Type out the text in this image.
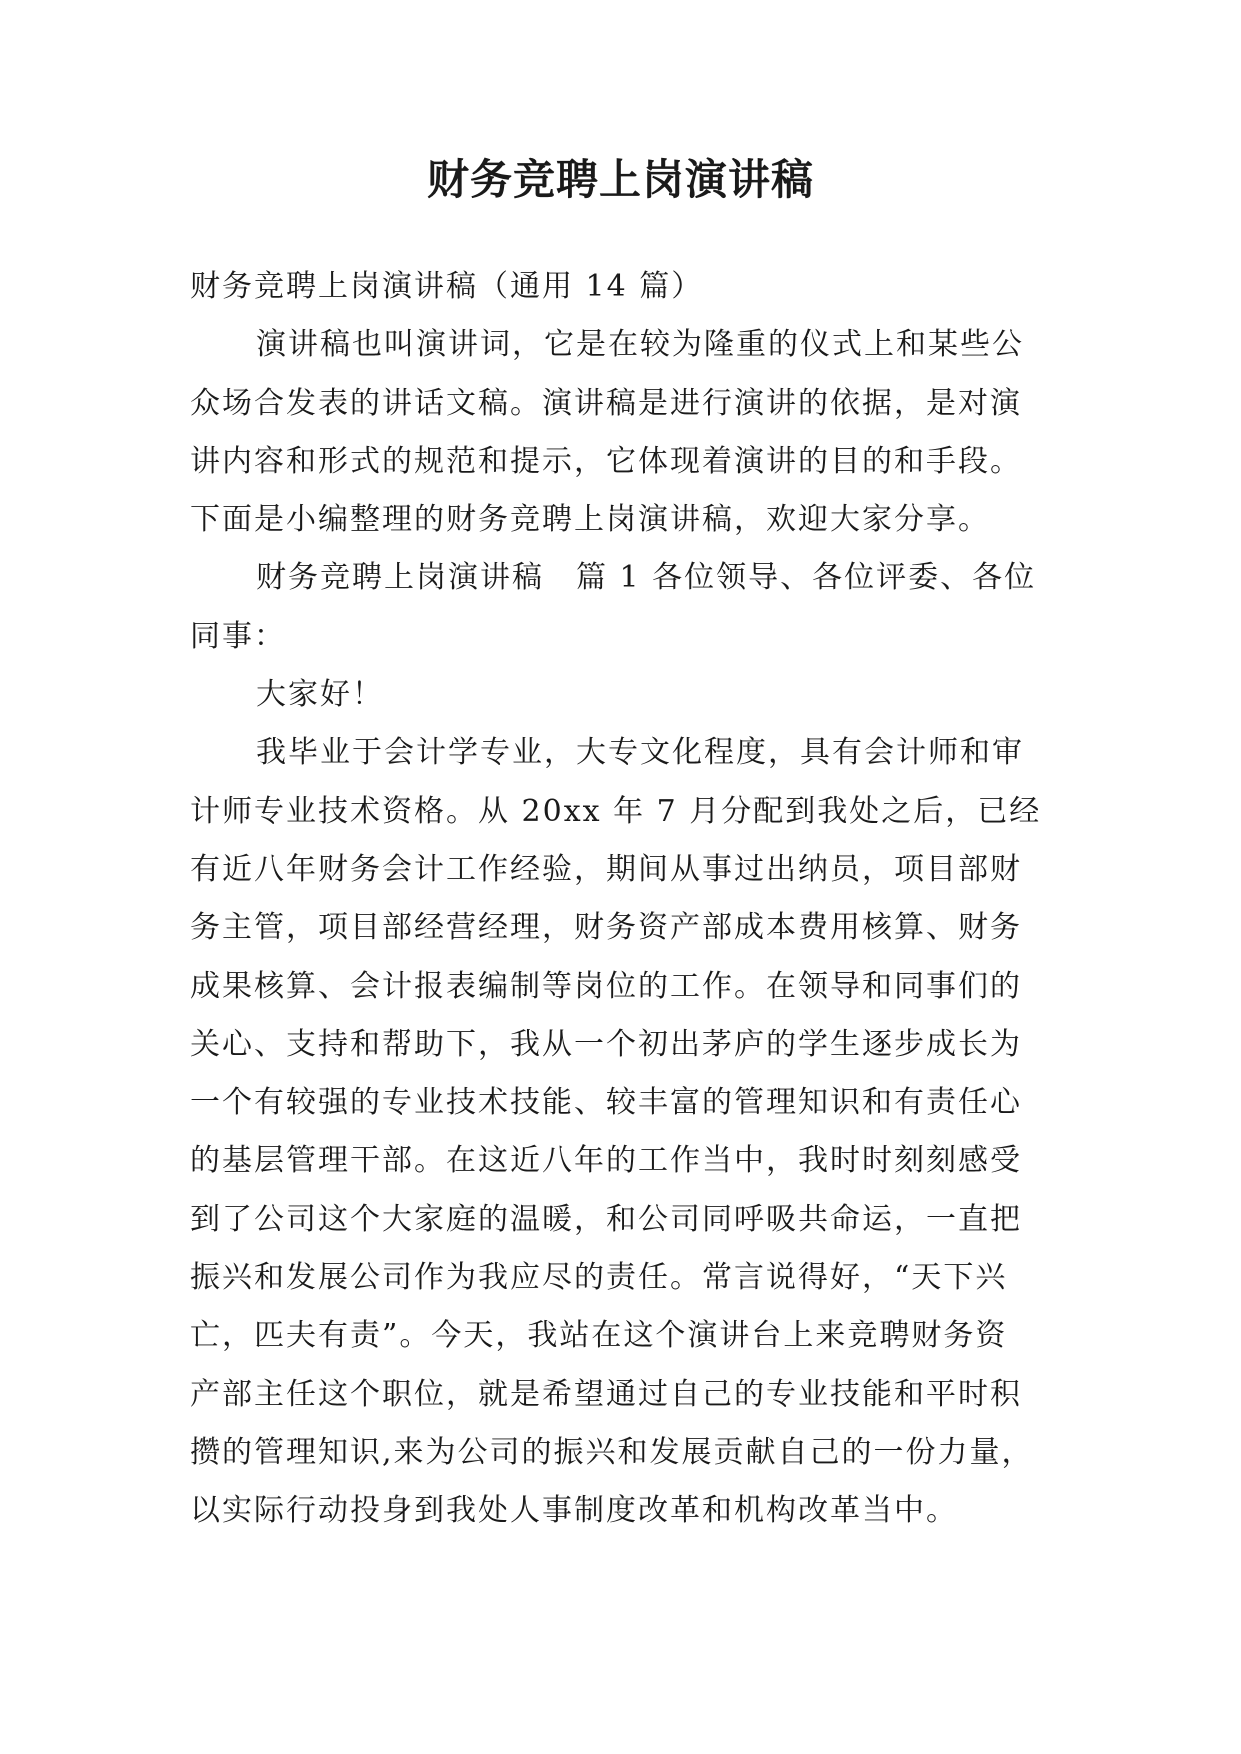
财务竞聘上岗演讲稿

财务竞聘上岗演讲稿（通用 14 篇）

演讲稿也叫演讲词，它是在较为隆重的仪式上和某些公

众场合发表的讲话文稿。演讲稿是进行演讲的依据，是对演

讲内容和形式的规范和提示，它体现着演讲的目的和手段。

下面是小编整理的财务竞聘上岗演讲稿，欢迎大家分享。

财务竞聘上岗演讲稿　篇 1 各位领导、各位评委、各位

同事：

大家好！

我毕业于会计学专业，大专文化程度，具有会计师和审

计师专业技术资格。从 20xx 年 7 月分配到我处之后，已经

有近八年财务会计工作经验，期间从事过出纳员，项目部财

务主管，项目部经营经理，财务资产部成本费用核算、财务

成果核算、会计报表编制等岗位的工作。在领导和同事们的

关心、支持和帮助下，我从一个初出茅庐的学生逐步成长为

一个有较强的专业技术技能、较丰富的管理知识和有责任心

的基层管理干部。在这近八年的工作当中，我时时刻刻感受

到了公司这个大家庭的温暖，和公司同呼吸共命运，一直把

振兴和发展公司作为我应尽的责任。常言说得好，“天下兴

亡，匹夫有责”。今天，我站在这个演讲台上来竞聘财务资

产部主任这个职位，就是希望通过自己的专业技能和平时积

攒的管理知识,来为公司的振兴和发展贡献自己的一份力量，

以实际行动投身到我处人事制度改革和机构改革当中。
